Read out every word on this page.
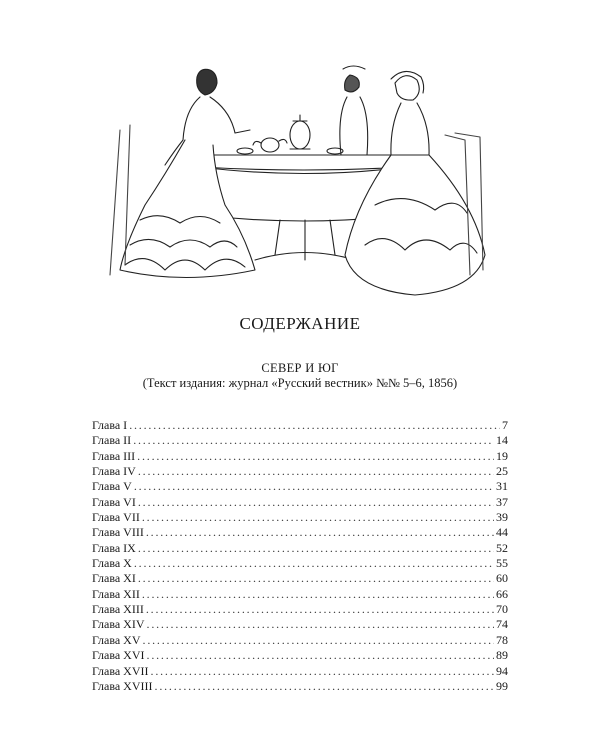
СОДЕРЖАНИЕ
СЕВЕР И ЮГ
(Текст издания: журнал «Русский вестник» №№ 5–6, 1856)
Глава I . . .	7
Глава II . . .	14
Глава III . . .	19
Глава IV . . .	25
Глава V . . .	31
Глава VI . . .	37
Глава VII . . .	39
Глава VIII . . .	44
Глава IX . . .	52
Глава X . . .	55
Глава XI . . .	60
Глава XII . . .	66
Глава XIII . . .	70
Глава XIV . . .	74
Глава XV . . .	78
Глава XVI . . .	89
Глава XVII . . .	94
Глава XVIII . . .	99
